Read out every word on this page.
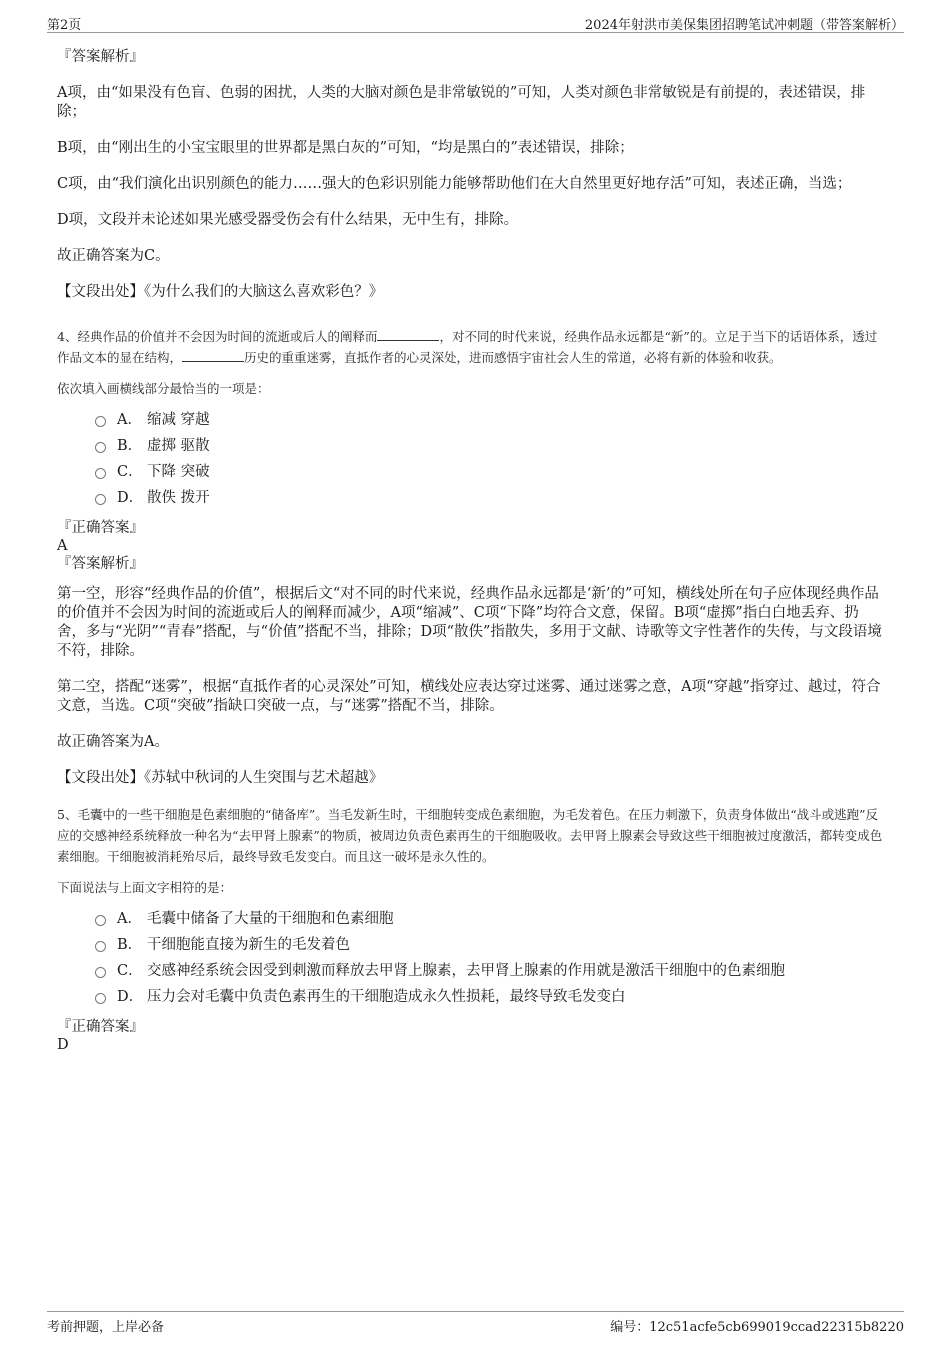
第2页	2024年射洪市美保集团招聘笔试冲刺题（带答案解析）

『答案解析』

A项，由“如果没有色盲、色弱的困扰，人类的大脑对颜色是非常敏锐的”可知，人类对颜色非常敏锐是有前提的，表述错误，排除；

B项，由“刚出生的小宝宝眼里的世界都是黑白灰的”可知，“均是黑白的”表述错误，排除；

C项，由“我们演化出识别颜色的能力……强大的色彩识别能力能够帮助他们在大自然里更好地存活”可知，表述正确，当选；

D项，文段并未论述如果光感受器受伤会有什么结果，无中生有，排除。

故正确答案为C。

【文段出处】《为什么我们的大脑这么喜欢彩色？》

4、经典作品的价值并不会因为时间的流逝或后人的阐释而	，对不同的时代来说，经典作品永远都是“新”的。立足于当下的话语体系，透过作品文本的显在结构，	历史的重重迷雾，直抵作者的心灵深处，进而感悟宇宙社会人生的常道，必将有新的体验和收获。

依次填入画横线部分最恰当的一项是：

A． 缩减 穿越
B． 虚掷 驱散
C． 下降 突破
D． 散佚 拨开

『正确答案』

A

『答案解析』

第一空，形容“经典作品的价值”，根据后文“对不同的时代来说，经典作品永远都是‘新’的”可知，横线处所在句子应体现经典作品的价值并不会因为时间的流逝或后人的阐释而减少，A项“缩减”、C项“下降”均符合文意，保留。B项“虚掷”指白白地丢弃、扔舍，多与“光阴”“青春”搭配，与“价值”搭配不当，排除；D项“散佚”指散失，多用于文献、诗歌等文字性著作的失传，与文段语境不符，排除。

第二空，搭配“迷雾”，根据“直抵作者的心灵深处”可知，横线处应表达穿过迷雾、通过迷雾之意，A项“穿越”指穿过、越过，符合文意，当选。C项“突破”指缺口突破一点，与“迷雾”搭配不当，排除。

故正确答案为A。

【文段出处】《苏轼中秋词的人生突围与艺术超越》

5、毛囊中的一些干细胞是色素细胞的“储备库”。当毛发新生时，干细胞转变成色素细胞，为毛发着色。在压力刺激下，负责身体做出“战斗或逃跑”反应的交感神经系统释放一种名为“去甲肾上腺素”的物质，被周边负责色素再生的干细胞吸收。去甲肾上腺素会导致这些干细胞被过度激活，都转变成色素细胞。干细胞被消耗殆尽后，最终导致毛发变白。而且这一破坏是永久性的。

下面说法与上面文字相符的是：

A． 毛囊中储备了大量的干细胞和色素细胞
B． 干细胞能直接为新生的毛发着色
C． 交感神经系统会因受到刺激而释放去甲肾上腺素，去甲肾上腺素的作用就是激活干细胞中的色素细胞
D． 压力会对毛囊中负责色素再生的干细胞造成永久性损耗，最终导致毛发变白

『正确答案』

D

考前押题，上岸必备	编号：12c51acfe5cb699019ccad22315b8220
